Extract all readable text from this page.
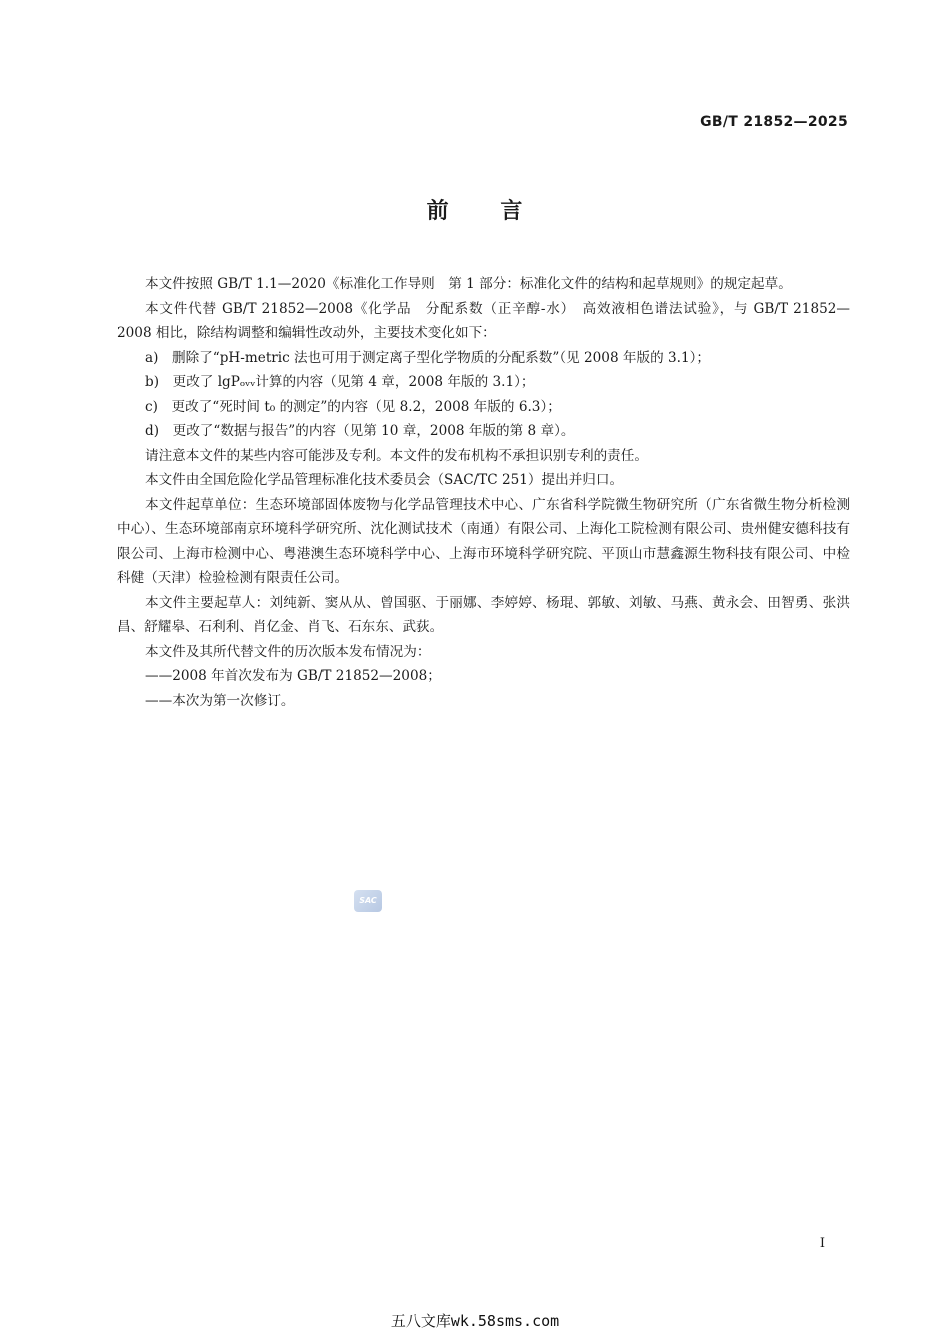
GB/T 21852—2025
前 言

本文件按照 GB/T 1.1—2020《标准化工作导则　第 1 部分：标准化文件的结构和起草规则》的规定起草。

本文件代替 GB/T 21852—2008《化学品　分配系数（正辛醇-水）　高效液相色谱法试验》，与 GB/T 21852—2008 相比，除结构调整和编辑性改动外，主要技术变化如下：

a)　删除了“pH-metric 法也可用于测定离子型化学物质的分配系数”（见 2008 年版的 3.1）；

b)　更改了 lgPₒᵥᵥ计算的内容（见第 4 章，2008 年版的 3.1）；

c)　更改了“死时间 t₀ 的测定”的内容（见 8.2，2008 年版的 6.3）；

d)　更改了“数据与报告”的内容（见第 10 章，2008 年版的第 8 章）。

请注意本文件的某些内容可能涉及专利。本文件的发布机构不承担识别专利的责任。

本文件由全国危险化学品管理标准化技术委员会（SAC/TC 251）提出并归口。

本文件起草单位：生态环境部固体废物与化学品管理技术中心、广东省科学院微生物研究所（广东省微生物分析检测中心）、生态环境部南京环境科学研究所、沈化测试技术（南通）有限公司、上海化工院检测有限公司、贵州健安德科技有限公司、上海市检测中心、粤港澳生态环境科学中心、上海市环境科学研究院、平顶山市慧鑫源生物科技有限公司、中检科健（天津）检验检测有限责任公司。

本文件主要起草人：刘纯新、窦从从、曾国驱、于丽娜、李婷婷、杨琨、郭敏、刘敏、马燕、黄永会、田智勇、张洪昌、舒耀皋、石利利、肖亿金、肖飞、石东东、武荻。

本文件及其所代替文件的历次版本发布情况为：

——2008 年首次发布为 GB/T 21852—2008；

——本次为第一次修订。

SAC
I
五八文库wk.58sms.com
